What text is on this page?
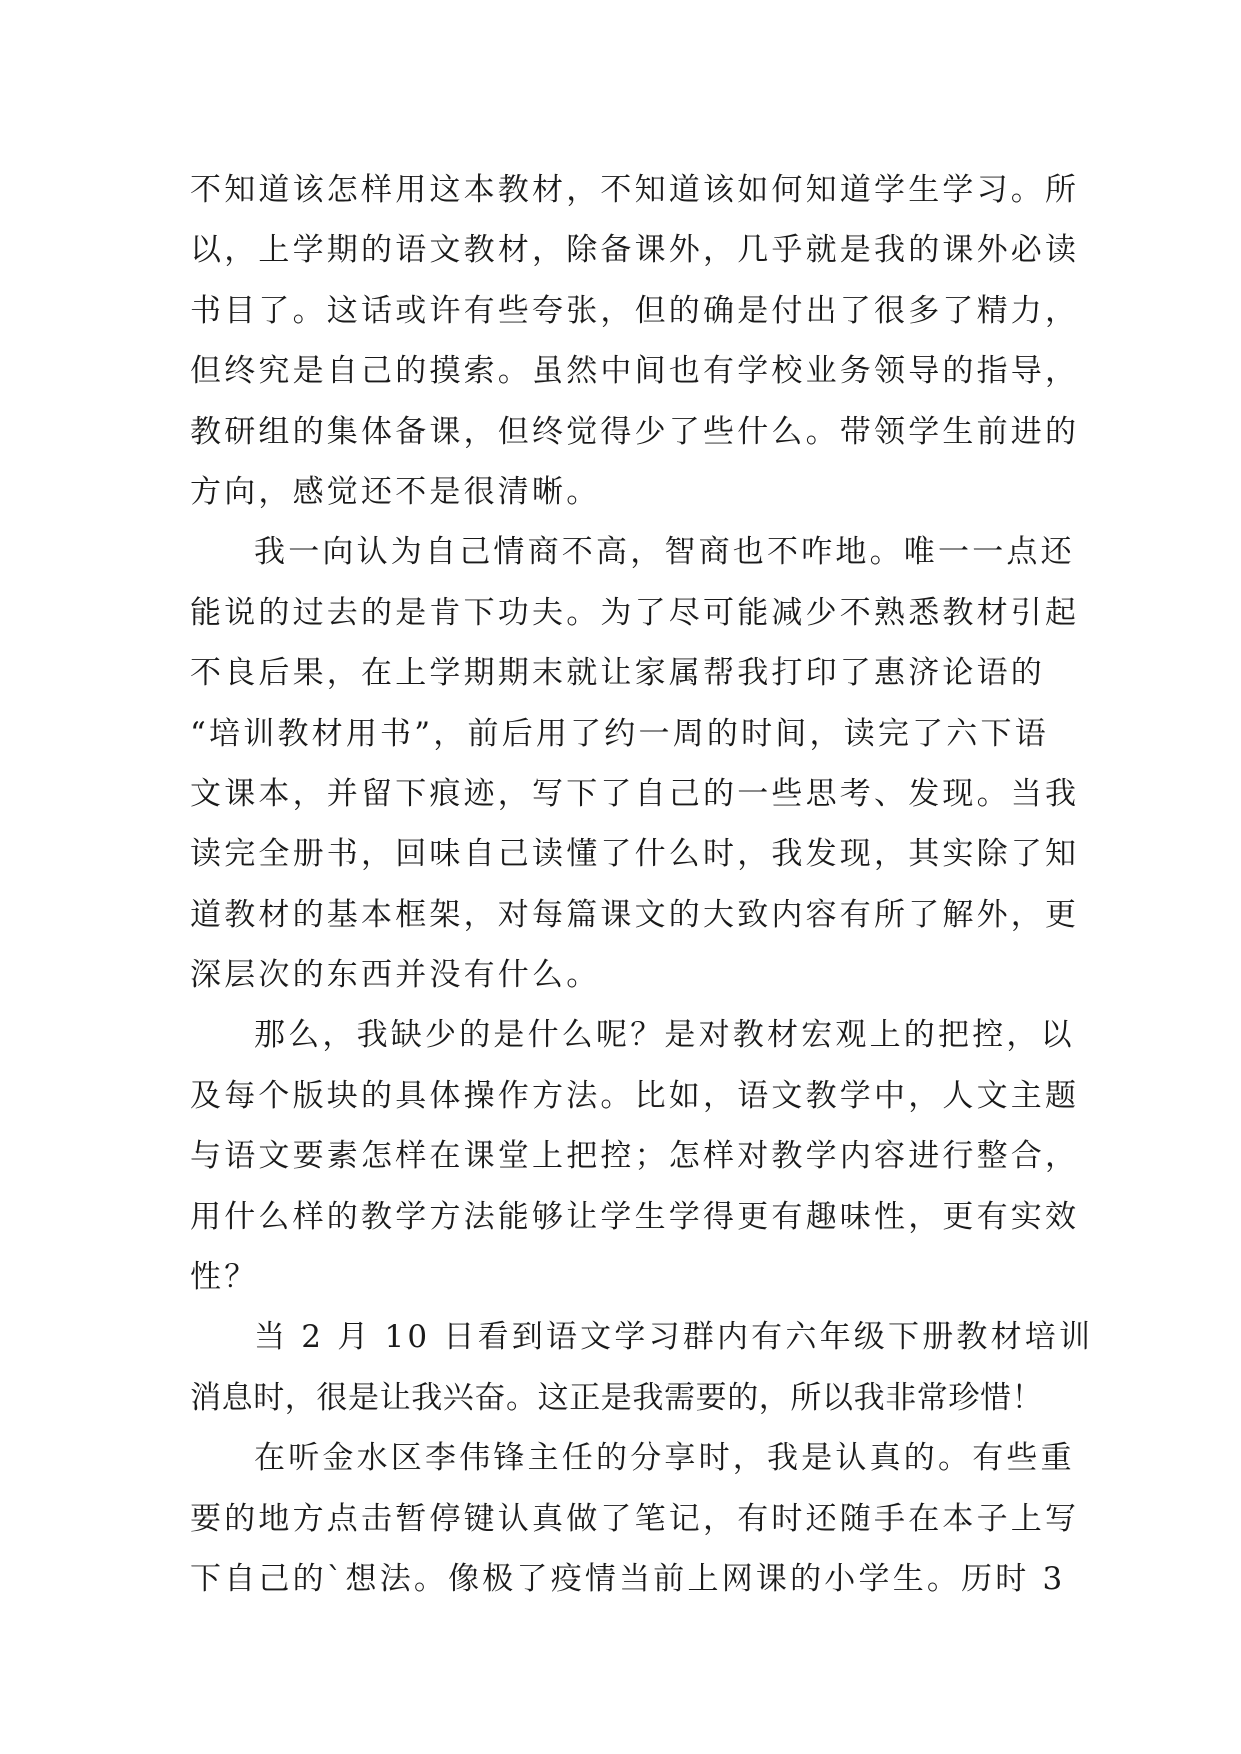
不知道该怎样用这本教材，不知道该如何知道学生学习。所
以，上学期的语文教材，除备课外，几乎就是我的课外必读
书目了。这话或许有些夸张，但的确是付出了很多了精力，
但终究是自己的摸索。虽然中间也有学校业务领导的指导，
教研组的集体备课，但终觉得少了些什么。带领学生前进的
方向，感觉还不是很清晰。
我一向认为自己情商不高，智商也不咋地。唯一一点还
能说的过去的是肯下功夫。为了尽可能减少不熟悉教材引起
不良后果，在上学期期末就让家属帮我打印了惠济论语的
“培训教材用书”，前后用了约一周的时间，读完了六下语
文课本，并留下痕迹，写下了自己的一些思考、发现。当我
读完全册书，回味自己读懂了什么时，我发现，其实除了知
道教材的基本框架，对每篇课文的大致内容有所了解外，更
深层次的东西并没有什么。
那么，我缺少的是什么呢？是对教材宏观上的把控，以
及每个版块的具体操作方法。比如，语文教学中，人文主题
与语文要素怎样在课堂上把控；怎样对教学内容进行整合，
用什么样的教学方法能够让学生学得更有趣味性，更有实效
性？
当 2 月 10 日看到语文学习群内有六年级下册教材培训
消息时，很是让我兴奋。这正是我需要的，所以我非常珍惜！
在听金水区李伟锋主任的分享时，我是认真的。有些重
要的地方点击暂停键认真做了笔记，有时还随手在本子上写
下自己的`想法。像极了疫情当前上网课的小学生。历时 3
